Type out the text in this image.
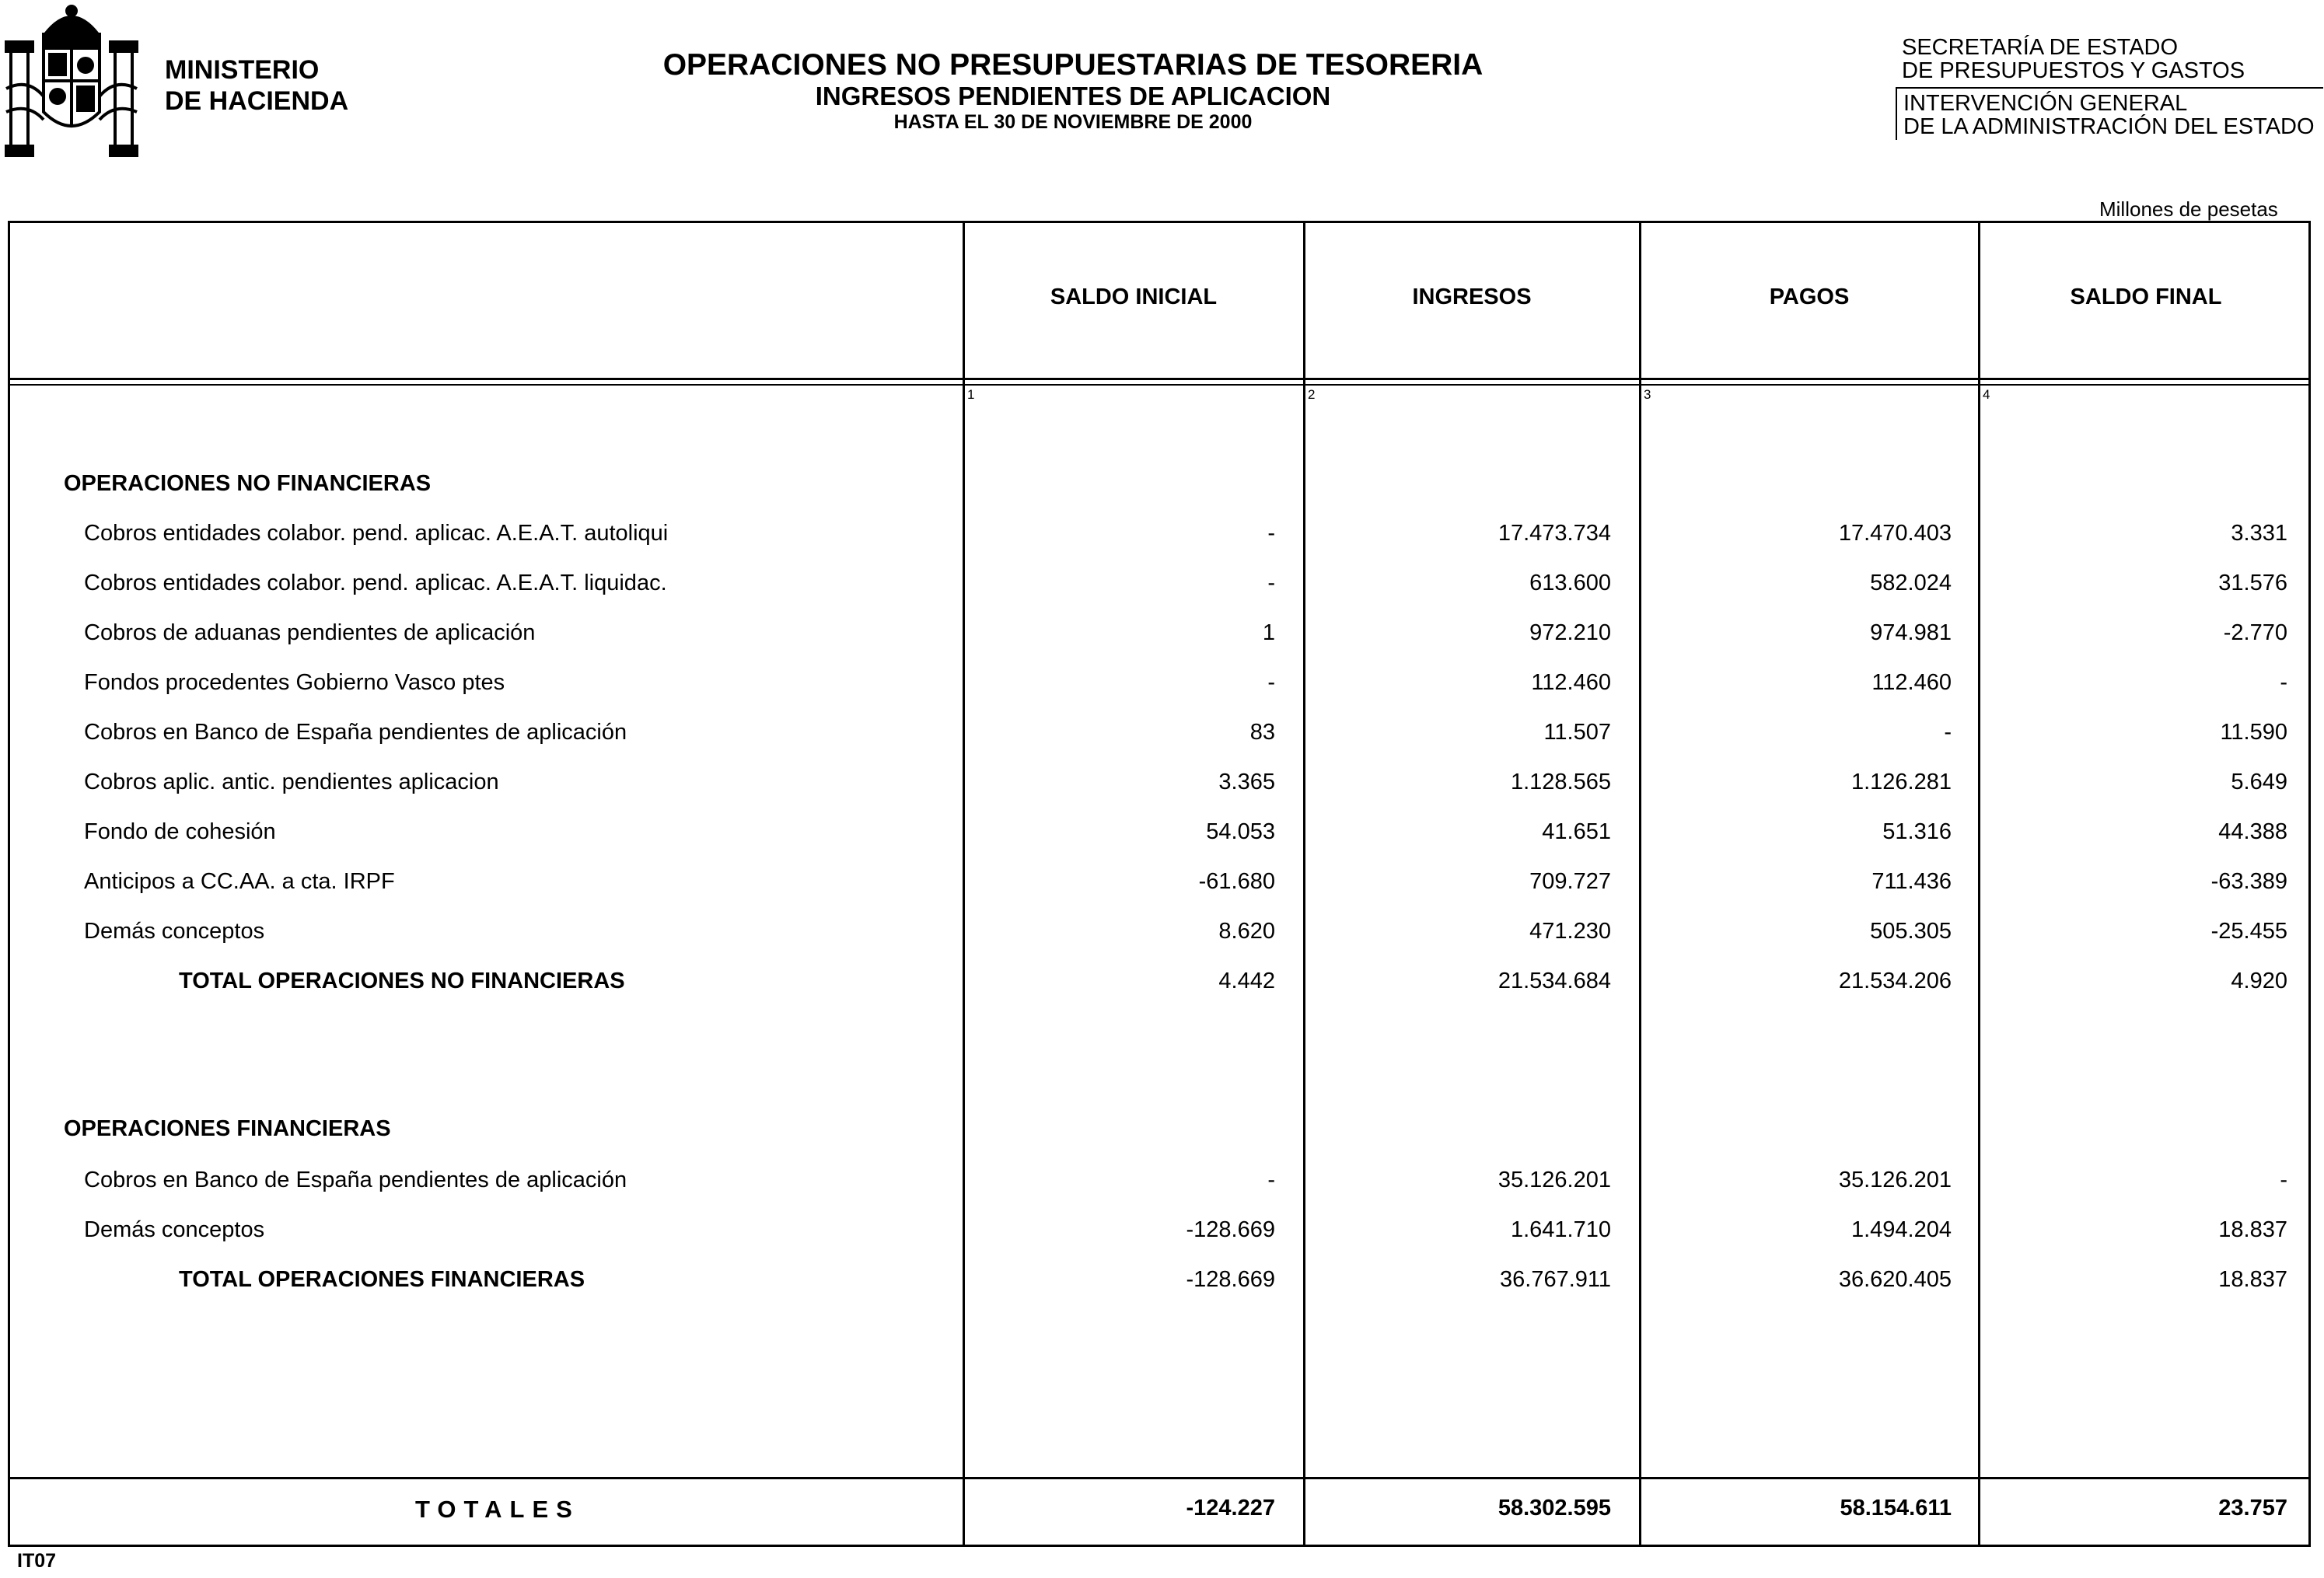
MINISTERIO
DE HACIENDA
OPERACIONES NO PRESUPUESTARIAS DE TESORERIA
INGRESOS PENDIENTES DE APLICACION
HASTA EL 30 DE NOVIEMBRE DE 2000
SECRETARÍA DE ESTADO
DE PRESUPUESTOS Y GASTOS
INTERVENCIÓN GENERAL
DE LA ADMINISTRACIÓN DEL ESTADO
Millones de pesetas
SALDO INICIAL	INGRESOS	PAGOS	SALDO FINAL
1	2	3	4
OPERACIONES NO FINANCIERAS
Cobros entidades colabor. pend. aplicac. A.E.A.T. autoliqui	-	17.473.734	17.470.403	3.331
Cobros entidades colabor. pend. aplicac. A.E.A.T. liquidac.	-	613.600	582.024	31.576
Cobros de aduanas pendientes de aplicación	1	972.210	974.981	-2.770
Fondos procedentes Gobierno Vasco ptes	-	112.460	112.460	-
Cobros en Banco de España pendientes de aplicación	83	11.507	-	11.590
Cobros aplic. antic. pendientes aplicacion	3.365	1.128.565	1.126.281	5.649
Fondo de cohesión	54.053	41.651	51.316	44.388
Anticipos a CC.AA. a cta. IRPF	-61.680	709.727	711.436	-63.389
Demás conceptos	8.620	471.230	505.305	-25.455
TOTAL OPERACIONES NO FINANCIERAS	4.442	21.534.684	21.534.206	4.920
OPERACIONES FINANCIERAS
Cobros en Banco de España pendientes de aplicación	-	35.126.201	35.126.201	-
Demás conceptos	-128.669	1.641.710	1.494.204	18.837
TOTAL OPERACIONES FINANCIERAS	-128.669	36.767.911	36.620.405	18.837
TOTALES	-124.227	58.302.595	58.154.611	23.757
IT07
